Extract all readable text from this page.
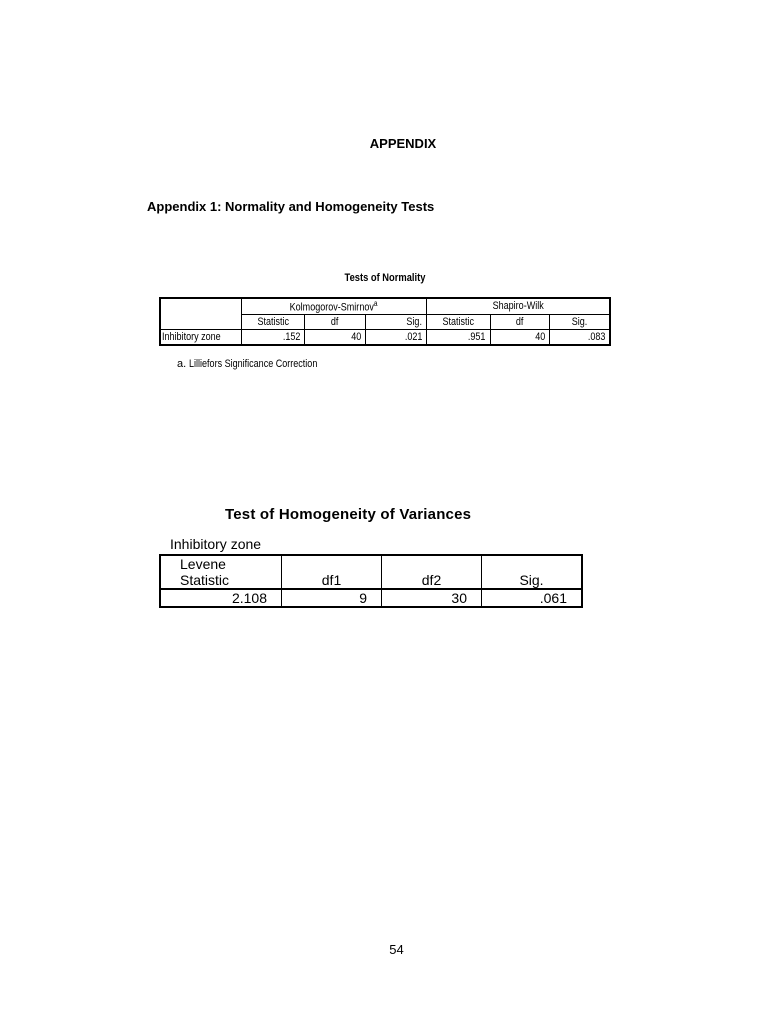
APPENDIX
Appendix 1: Normality and Homogeneity Tests
Tests of Normality
	Kolmogorov-Smirnov$^a$			Shapiro-Wilk		
	Statistic	df	Sig.	Statistic	df	Sig.
Inhibitory zone	.152	40	.021	.951	40	.083
a. Lilliefors Significance Correction
Test of Homogeneity of Variances
Inhibitory zone
Levene
Statistic	df1	df2	Sig.
2.108	9	30	.061
54
